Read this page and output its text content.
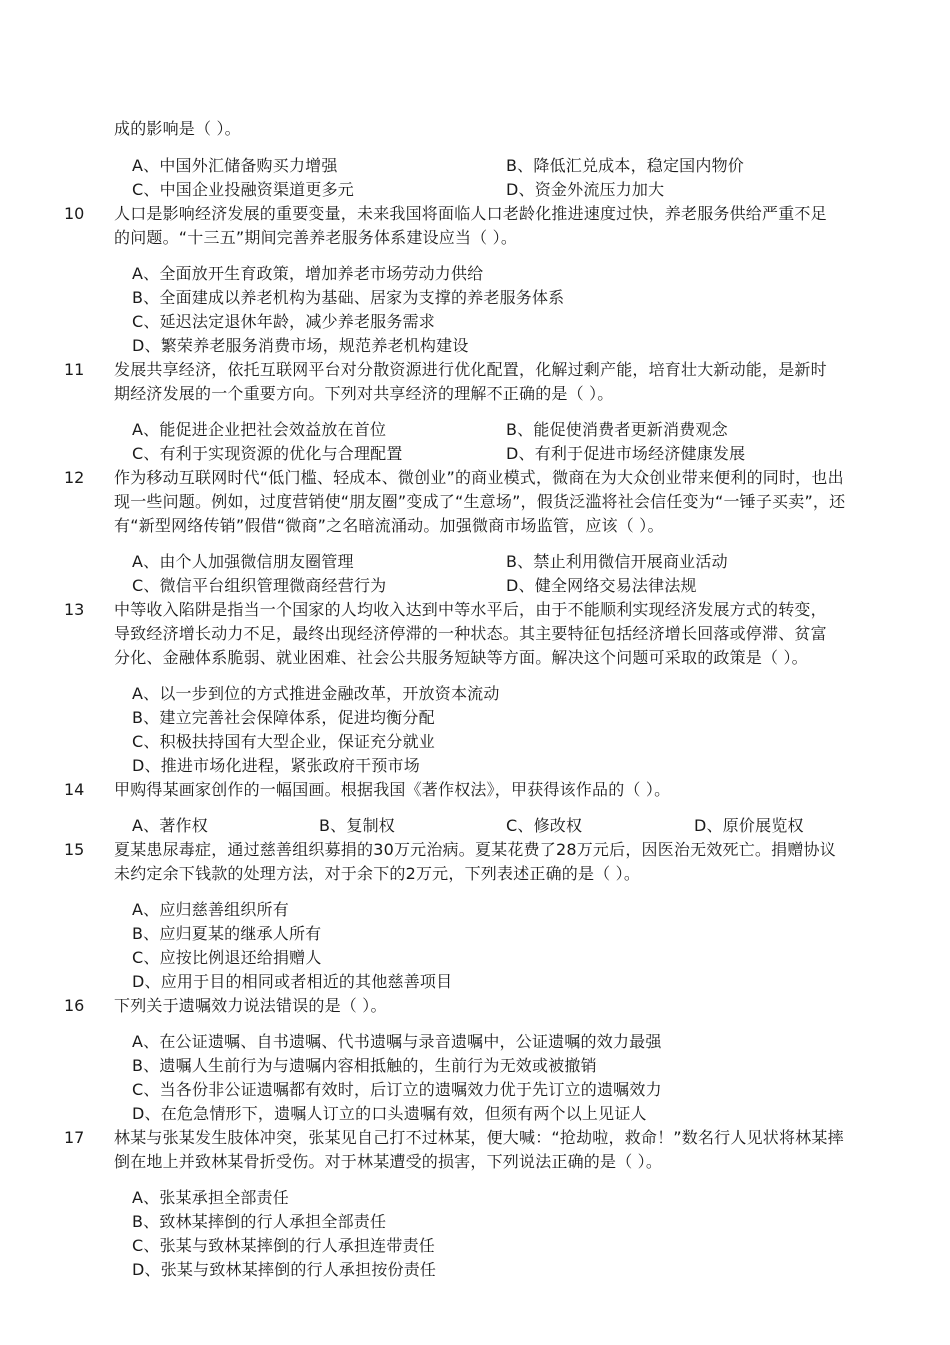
成的影响是（ ）。
A、中国外汇储备购买力增强	B、降低汇兑成本，稳定国内物价
C、中国企业投融资渠道更多元	D、资金外流压力加大
10	人口是影响经济发展的重要变量，未来我国将面临人口老龄化推进速度过快，养老服务供给严重不足
的问题。“十三五”期间完善养老服务体系建设应当（ ）。
A、全面放开生育政策，增加养老市场劳动力供给
B、全面建成以养老机构为基础、居家为支撑的养老服务体系
C、延迟法定退休年龄，减少养老服务需求
D、繁荣养老服务消费市场，规范养老机构建设
11	发展共享经济，依托互联网平台对分散资源进行优化配置，化解过剩产能，培育壮大新动能，是新时
期经济发展的一个重要方向。下列对共享经济的理解不正确的是（ ）。
A、能促进企业把社会效益放在首位	B、能促使消费者更新消费观念
C、有利于实现资源的优化与合理配置	D、有利于促进市场经济健康发展
12	作为移动互联网时代“低门槛、轻成本、微创业”的商业模式，微商在为大众创业带来便利的同时，也出
现一些问题。例如，过度营销使“朋友圈”变成了“生意场”，假货泛滥将社会信任变为“一锤子买卖”，还
有“新型网络传销”假借“微商”之名暗流涌动。加强微商市场监管，应该（ ）。
A、由个人加强微信朋友圈管理	B、禁止利用微信开展商业活动
C、微信平台组织管理微商经营行为	D、健全网络交易法律法规
13	中等收入陷阱是指当一个国家的人均收入达到中等水平后，由于不能顺利实现经济发展方式的转变，
导致经济增长动力不足，最终出现经济停滞的一种状态。其主要特征包括经济增长回落或停滞、贫富
分化、金融体系脆弱、就业困难、社会公共服务短缺等方面。解决这个问题可采取的政策是（ ）。
A、以一步到位的方式推进金融改革，开放资本流动
B、建立完善社会保障体系，促进均衡分配
C、积极扶持国有大型企业，保证充分就业
D、推进市场化进程，紧张政府干预市场
14	甲购得某画家创作的一幅国画。根据我国《著作权法》，甲获得该作品的（ ）。
A、著作权	B、复制权	C、修改权	D、原价展览权
15	夏某患尿毒症，通过慈善组织募捐的30万元治病。夏某花费了28万元后，因医治无效死亡。捐赠协议
未约定余下钱款的处理方法，对于余下的2万元，下列表述正确的是（ ）。
A、应归慈善组织所有
B、应归夏某的继承人所有
C、应按比例退还给捐赠人
D、应用于目的相同或者相近的其他慈善项目
16	下列关于遗嘱效力说法错误的是（ ）。
A、在公证遗嘱、自书遗嘱、代书遗嘱与录音遗嘱中，公证遗嘱的效力最强
B、遗嘱人生前行为与遗嘱内容相抵触的，生前行为无效或被撤销
C、当各份非公证遗嘱都有效时，后订立的遗嘱效力优于先订立的遗嘱效力
D、在危急情形下，遗嘱人订立的口头遗嘱有效，但须有两个以上见证人
17	林某与张某发生肢体冲突，张某见自己打不过林某，便大喊：“抢劫啦，救命！”数名行人见状将林某摔
倒在地上并致林某骨折受伤。对于林某遭受的损害，下列说法正确的是（ ）。
A、张某承担全部责任
B、致林某摔倒的行人承担全部责任
C、张某与致林某摔倒的行人承担连带责任
D、张某与致林某摔倒的行人承担按份责任
